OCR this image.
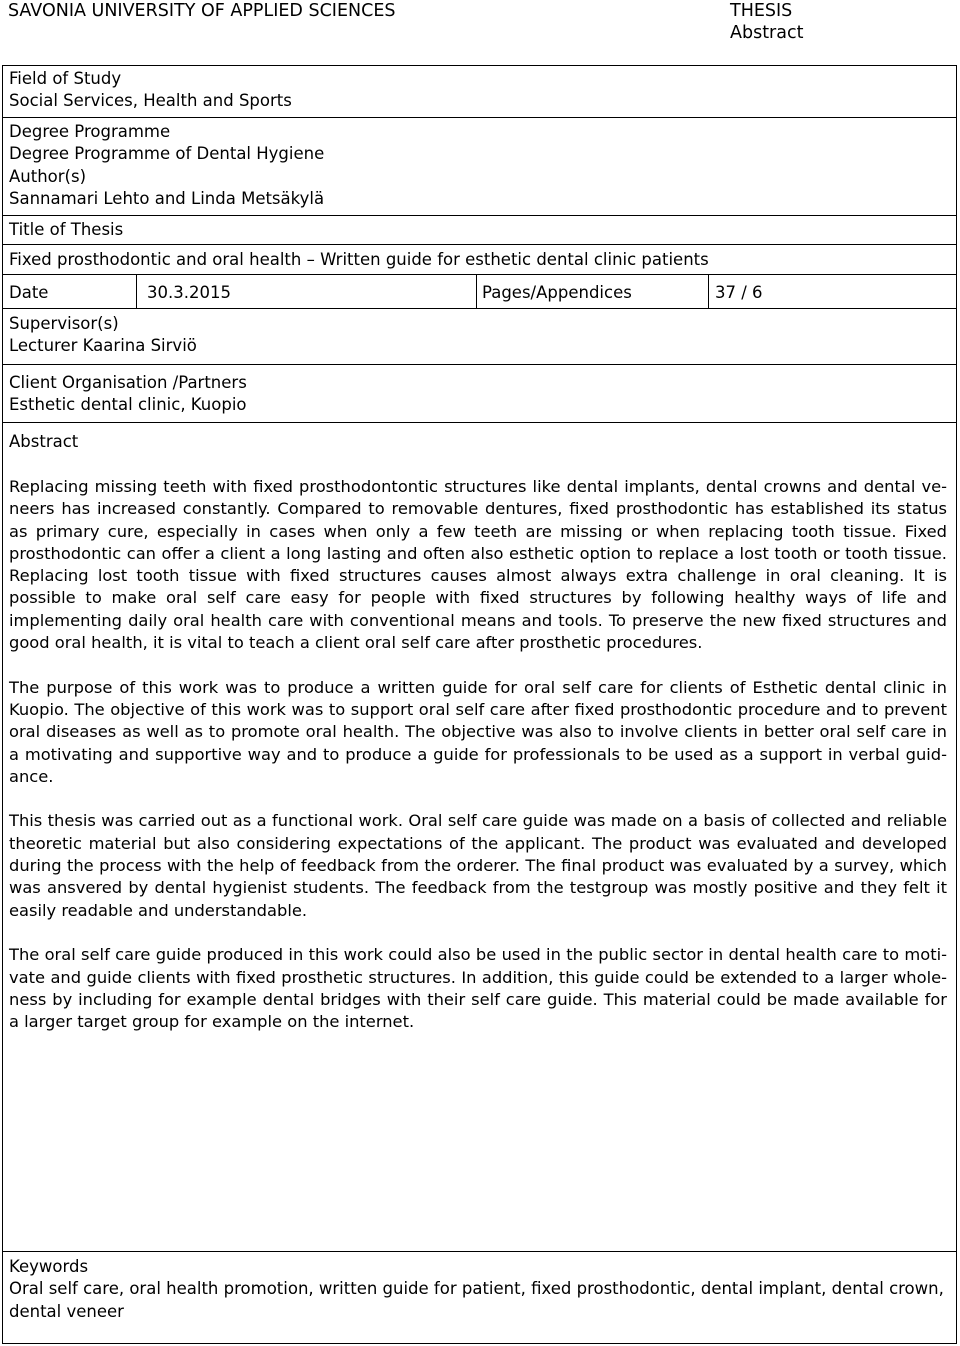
SAVONIA UNIVERSITY OF APPLIED SCIENCES	THESIS
Abstract
Field of Study
Social Services, Health and Sports
Degree Programme
Degree Programme of Dental Hygiene
Author(s)
Sannamari Lehto and Linda Metsäkylä
Title of Thesis
Fixed prosthodontic and oral health – Written guide for esthetic dental clinic patients
Date	30.3.2015	Pages/Appendices	37 / 6
Supervisor(s)
Lecturer Kaarina Sirviö
Client Organisation /Partners
Esthetic dental clinic, Kuopio
Abstract

Replacing missing teeth with fixed prosthodontontic structures like dental implants, dental crowns and dental veneers has increased constantly. Compared to removable dentures, fixed prosthodontic has established its status as primary cure, especially in cases when only a few teeth are missing or when replacing tooth tissue. Fixed prosthodontic can offer a client a long lasting and often also esthetic option to replace a lost tooth or tooth tissue. Replacing lost tooth tissue with fixed structures causes almost always extra challenge in oral cleaning. It is possible to make oral self care easy for people with fixed structures by following healthy ways of life and implementing daily oral health care with conventional means and tools. To preserve the new fixed structures and good oral health, it is vital to teach a client oral self care after prosthetic procedures.

The purpose of this work was to produce a written guide for oral self care for clients of Esthetic dental clinic in Kuopio. The objective of this work was to support oral self care after fixed prosthodontic procedure and to prevent oral diseases as well as to promote oral health. The objective was also to involve clients in better oral self care in a motivating and supportive way and to produce a guide for professionals to be used as a support in verbal guidance.

This thesis was carried out as a functional work. Oral self care guide was made on a basis of collected and reliable theoretic material but also considering expectations of the applicant. The product was evaluated and developed during the process with the help of feedback from the orderer. The final product was evaluated by a survey, which was ansvered by dental hygienist students. The feedback from the testgroup was mostly positive and they felt it easily readable and understandable.

The oral self care guide produced in this work could also be used in the public sector in dental health care to motivate and guide clients with fixed prosthetic structures. In addition, this guide could be extended to a larger wholeness by including for example dental bridges with their self care guide. This material could be made available for a larger target group for example on the internet.

Keywords
Oral self care, oral health promotion, written guide for patient, fixed prosthodontic, dental implant, dental crown, dental veneer
